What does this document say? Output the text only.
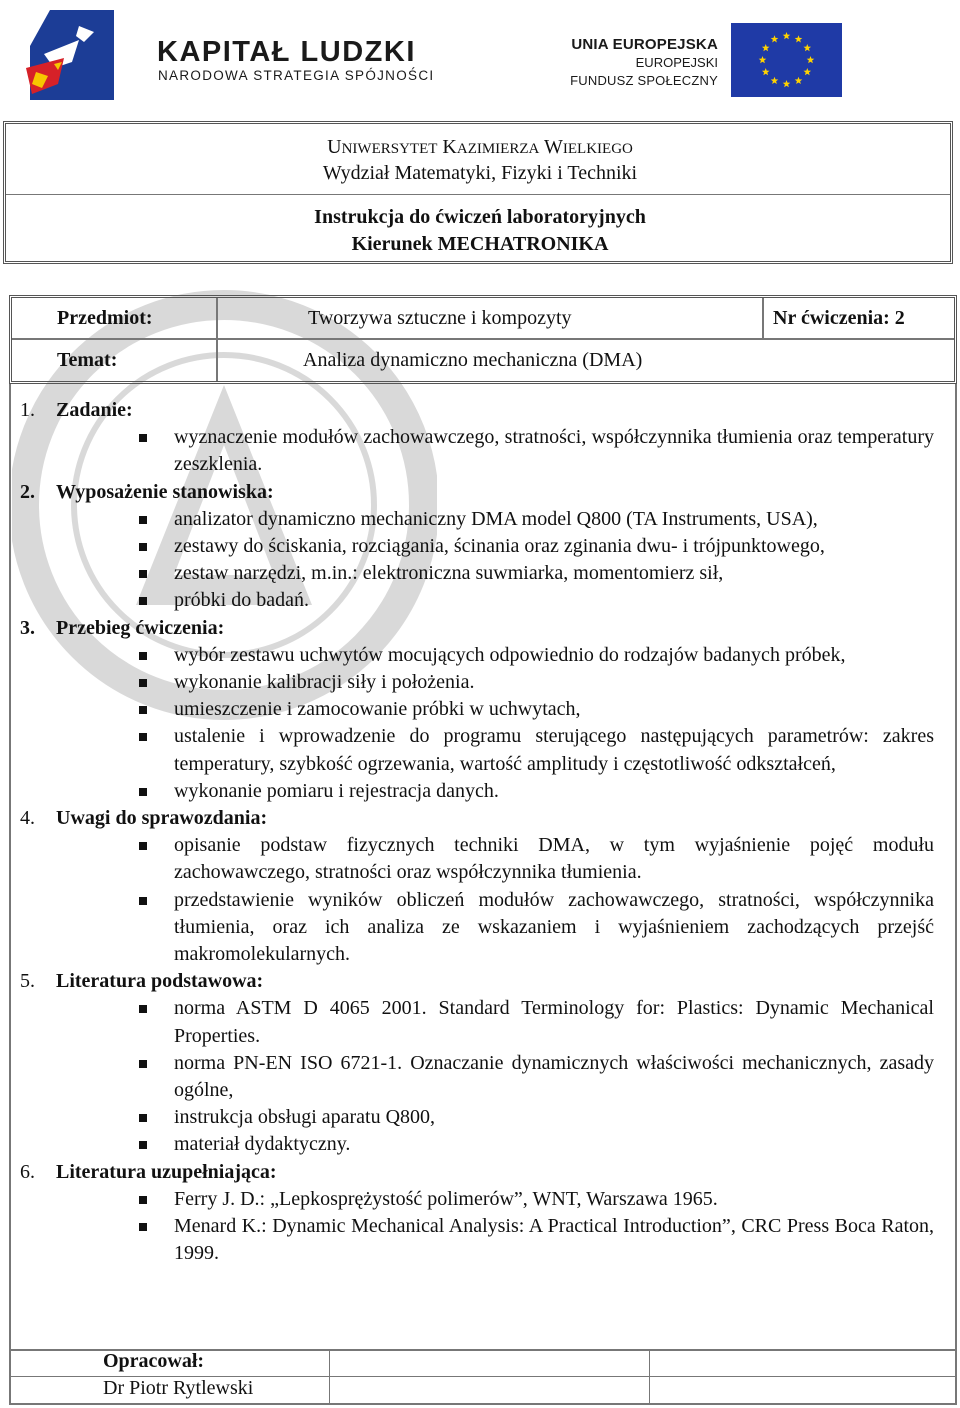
KAPITAŁ LUDZKI
NARODOWA STRATEGIA SPÓJNOŚCI
UNIA EUROPEJSKA
EUROPEJSKI
FUNDUSZ SPOŁECZNY
UNIWERSYTET KAZIMIERZA WIELKIEGO
Wydział Matematyki, Fizyki i Techniki
Instrukcja do ćwiczeń laboratoryjnych
Kierunek MECHATRONIKA
Przedmiot:	Tworzywa sztuczne i kompozyty	Nr ćwiczenia: 2
Temat:	Analiza dynamiczno mechaniczna (DMA)
1. Zadanie:
wyznaczenie modułów zachowawczego, stratności, współczynnika tłumienia oraz temperatury zeszklenia.
2. Wyposażenie stanowiska:
analizator dynamiczno mechaniczny DMA model Q800 (TA Instruments, USA),
zestawy do ściskania, rozciągania, ścinania oraz zginania dwu- i trójpunktowego,
zestaw narzędzi, m.in.: elektroniczna suwmiarka, momentomierz sił,
próbki do badań.
3. Przebieg ćwiczenia:
wybór zestawu uchwytów mocujących odpowiednio do rodzajów badanych próbek,
wykonanie kalibracji siły i położenia.
umieszczenie i zamocowanie próbki w uchwytach,
ustalenie i wprowadzenie do programu sterującego następujących parametrów: zakres temperatury, szybkość ogrzewania, wartość amplitudy i częstotliwość odkształceń,
wykonanie pomiaru i rejestracja danych.
4. Uwagi do sprawozdania:
opisanie podstaw fizycznych techniki DMA, w tym wyjaśnienie pojęć modułu zachowawczego, stratności oraz współczynnika tłumienia.
przedstawienie wyników obliczeń modułów zachowawczego, stratności, współczynnika tłumienia, oraz ich analiza ze wskazaniem i wyjaśnieniem zachodzących przejść makromolekularnych.
5. Literatura podstawowa:
norma ASTM D 4065 2001. Standard Terminology for: Plastics: Dynamic Mechanical Properties.
norma PN-EN ISO 6721-1. Oznaczanie dynamicznych właściwości mechanicznych, zasady ogólne,
instrukcja obsługi aparatu Q800,
materiał dydaktyczny.
6. Literatura uzupełniająca:
Ferry J. D.: „Lepkosprężystość polimerów”, WNT, Warszawa 1965.
Menard K.: Dynamic Mechanical Analysis: A Practical Introduction”, CRC Press Boca Raton, 1999.
Opracował:
Dr Piotr Rytlewski
